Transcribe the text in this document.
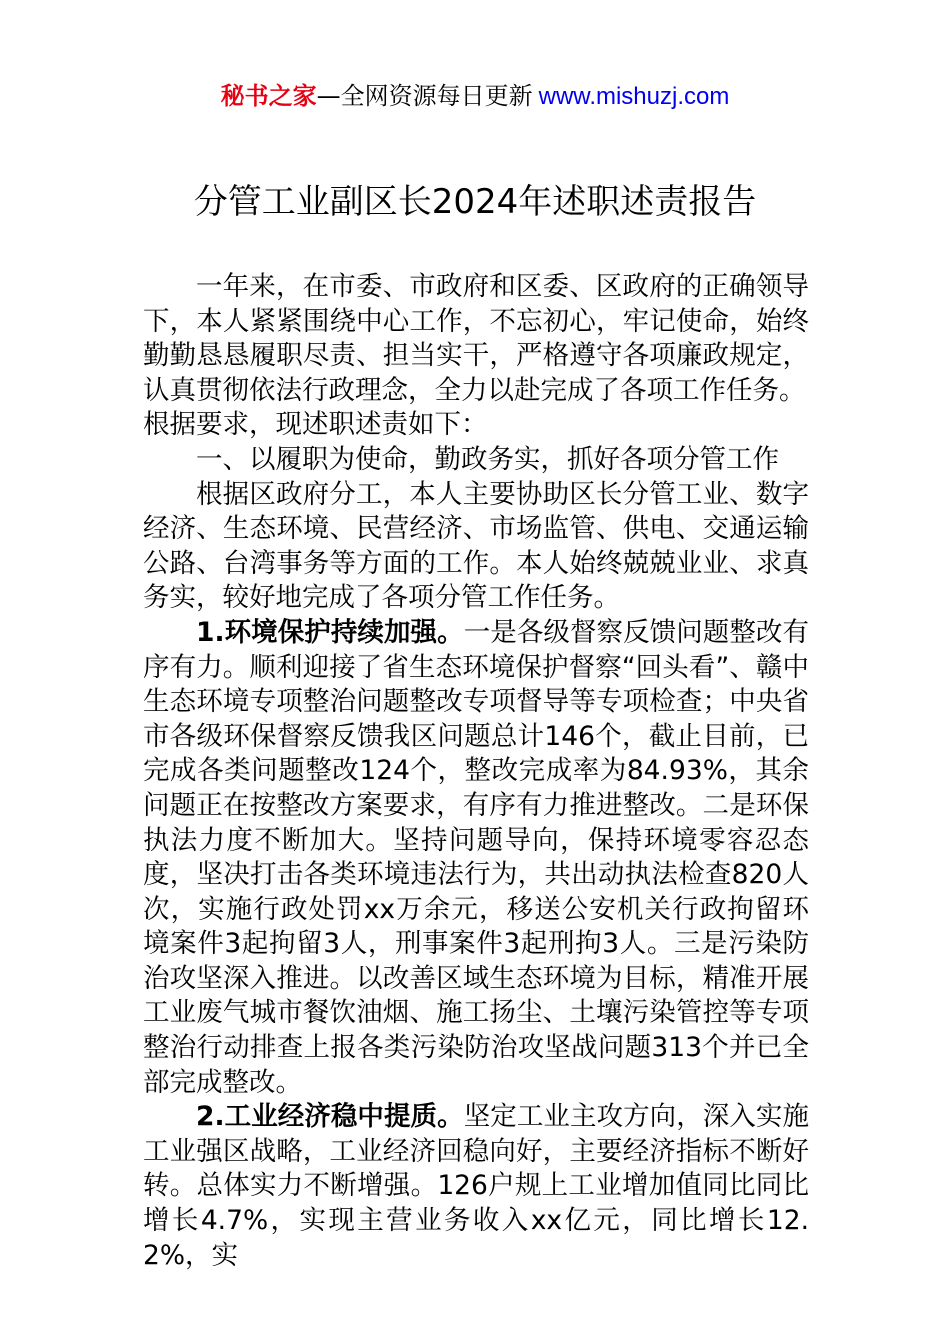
秘书之家—全网资源每日更新 www.mishuzj.com
分管工业副区长2024年述职述责报告

一年来，在市委、市政府和区委、区政府的正确领导下，本人紧紧围绕中心工作，不忘初心，牢记使命，始终勤勤恳恳履职尽责、担当实干，严格遵守各项廉政规定，认真贯彻依法行政理念，全力以赴完成了各项工作任务。

根据要求，现述职述责如下：

一、以履职为使命，勤政务实，抓好各项分管工作

根据区政府分工，本人主要协助区长分管工业、数字经济、生态环境、民营经济、市场监管、供电、交通运输公路、台湾事务等方面的工作。本人始终兢兢业业、求真务实，较好地完成了各项分管工作任务。

1.环境保护持续加强。一是各级督察反馈问题整改有序有力。顺利迎接了省生态环境保护督察“回头看”、赣中生态环境专项整治问题整改专项督导等专项检查；中央省市各级环保督察反馈我区问题总计146个，截止目前，已完成各类问题整改124个，整改完成率为84.93%，其余问题正在按整改方案要求，有序有力推进整改。二是环保执法力度不断加大。坚持问题导向，保持环境零容忍态度，坚决打击各类环境违法行为，共出动执法检查820人次，实施行政处罚xx万余元，移送公安机关行政拘留环境案件3起拘留3人，刑事案件3起刑拘3人。三是污染防治攻坚深入推进。以改善区域生态环境为目标，精准开展工业废气城市餐饮油烟、施工扬尘、土壤污染管控等专项整治行动排查上报各类污染防治攻坚战问题313个并已全部完成整改。

2.工业经济稳中提质。坚定工业主攻方向，深入实施工业强区战略，工业经济回稳向好，主要经济指标不断好转。总体实力不断增强。126户规上工业增加值同比同比增长4.7%，实现主营业务收入xx亿元，同比增长12.2%，实
